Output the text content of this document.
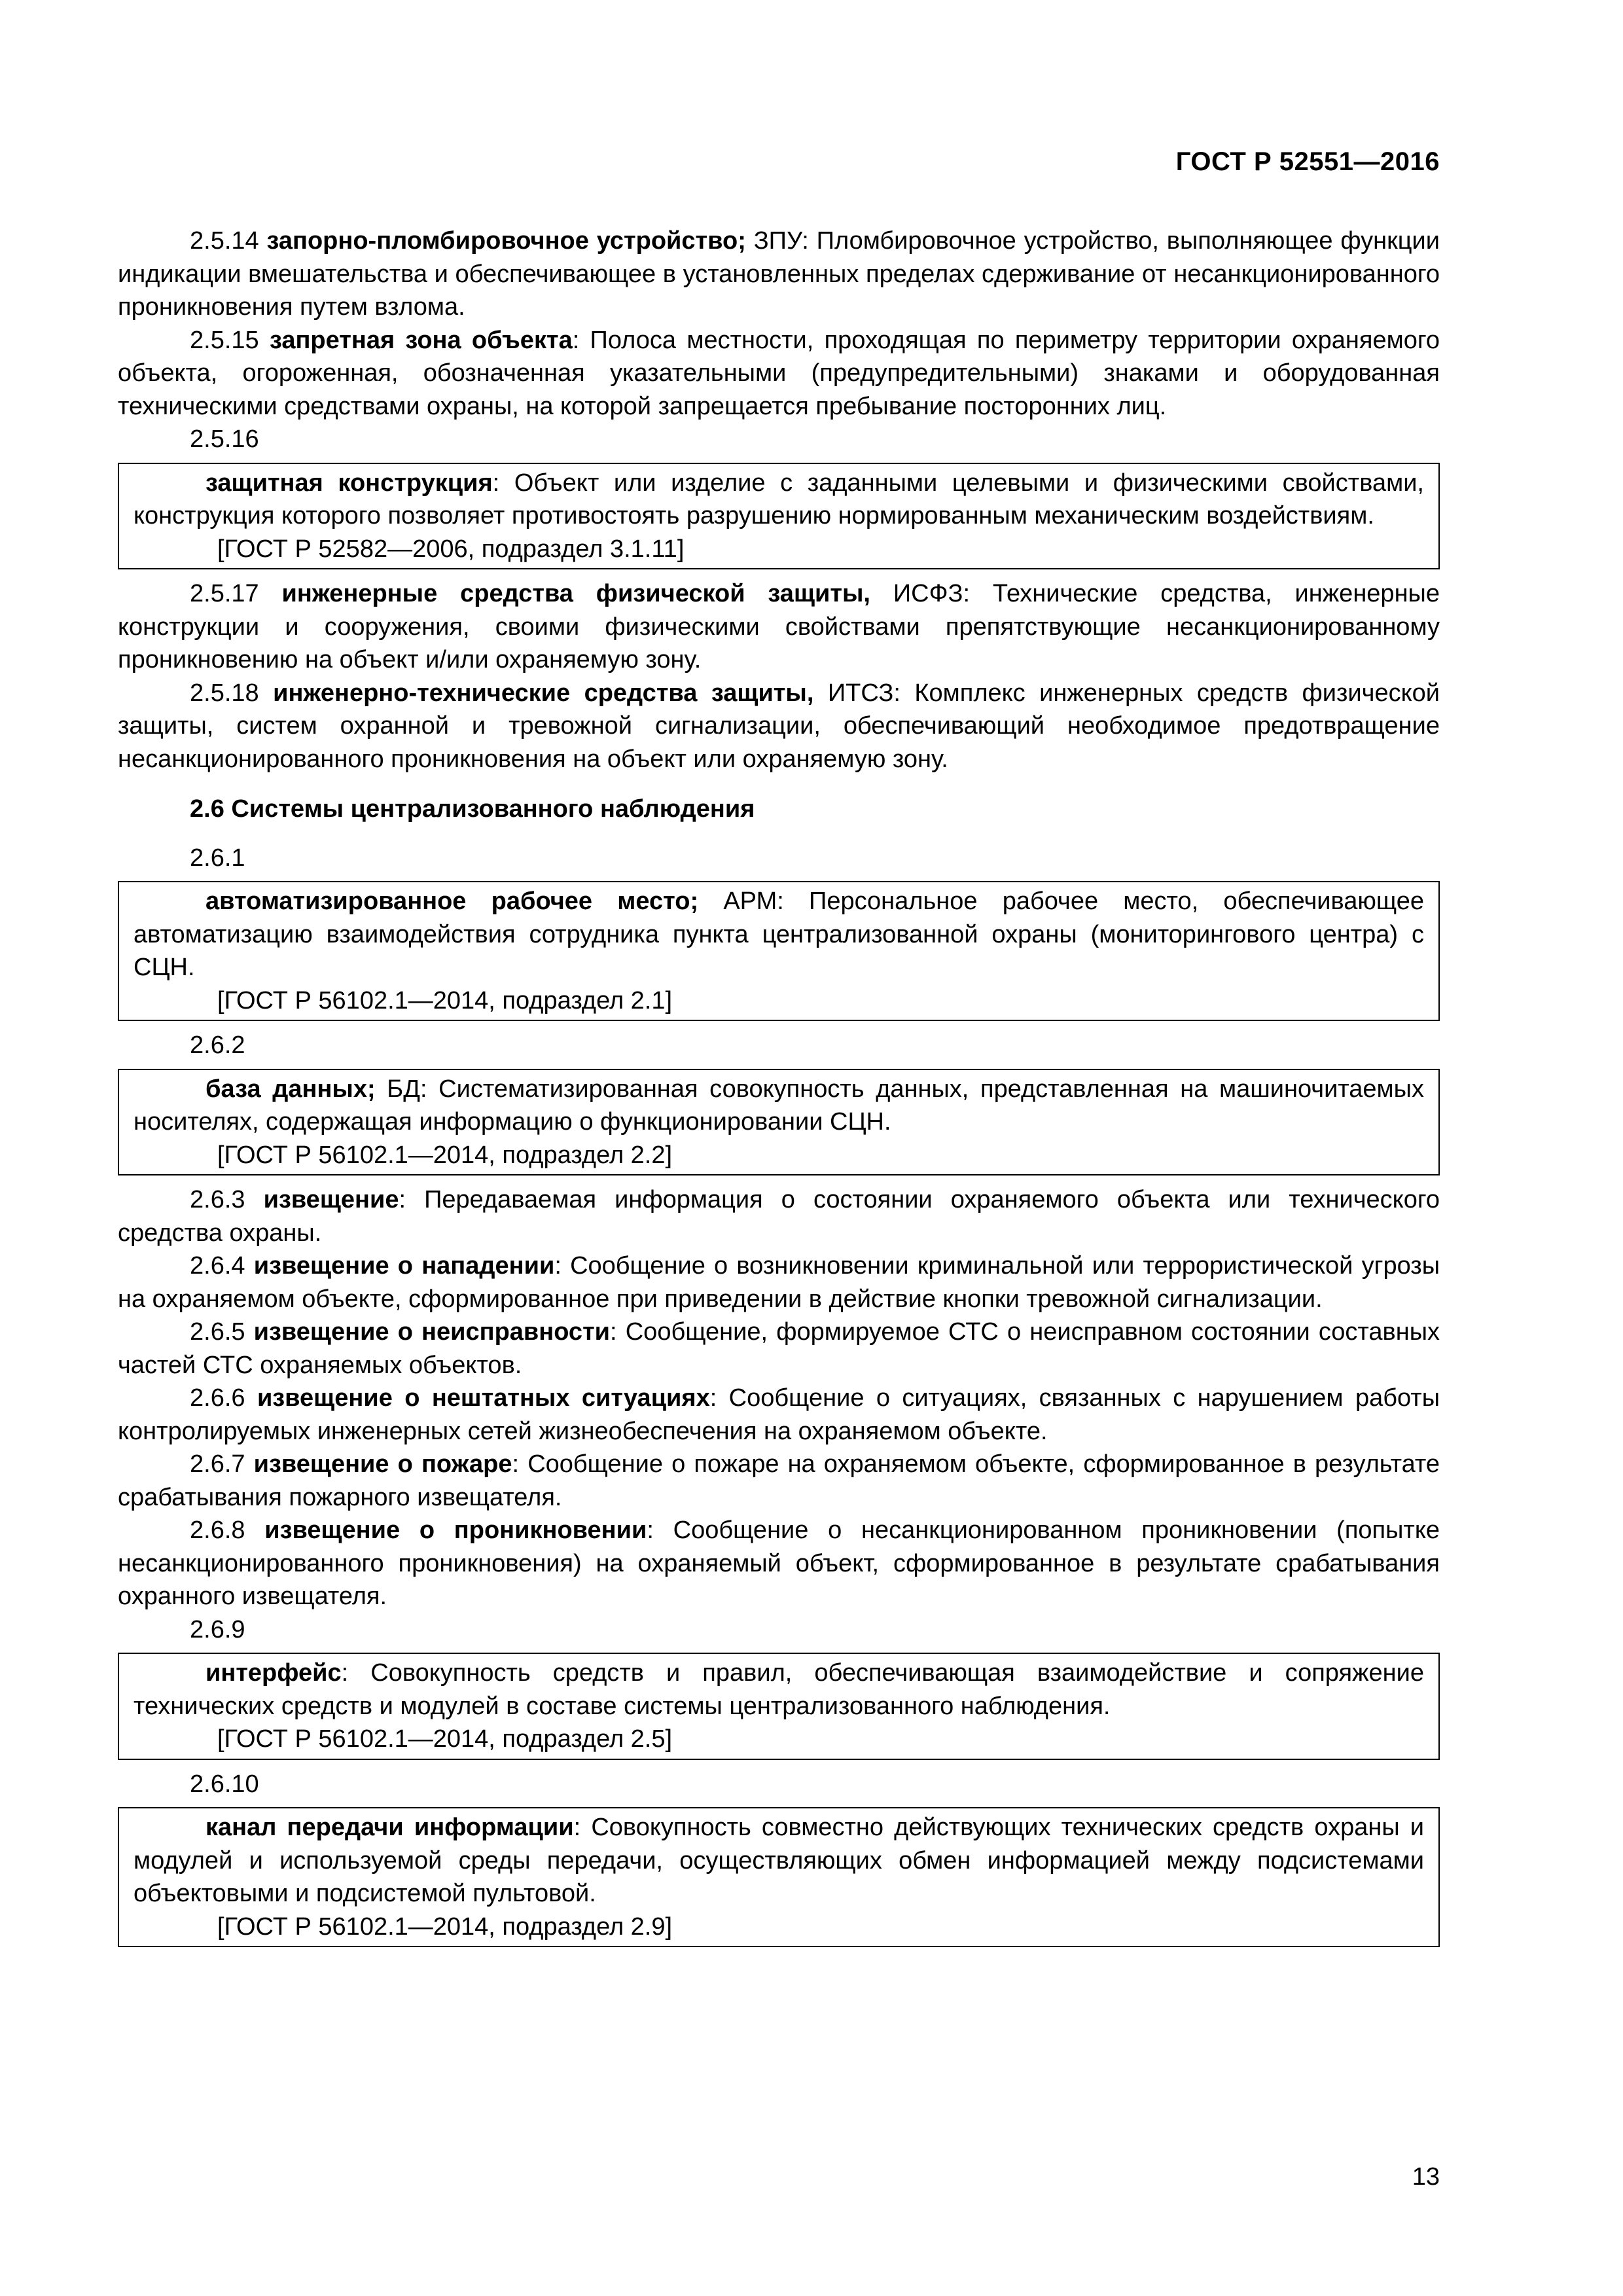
ГОСТ Р 52551—2016

2.5.14 запорно-пломбировочное устройство; ЗПУ: Пломбировочное устройство, выполняющее функции индикации вмешательства и обеспечивающее в установленных пределах сдерживание от несанкционированного проникновения путем взлома.

2.5.15 запретная зона объекта: Полоса местности, проходящая по периметру территории охраняемого объекта, огороженная, обозначенная указательными (предупредительными) знаками и оборудованная техническими средствами охраны, на которой запрещается пребывание посторонних лиц.

2.5.16

защитная конструкция: Объект или изделие с заданными целевыми и физическими свойствами, конструкция которого позволяет противостоять разрушению нормированным механическим воздействиям.

[ГОСТ Р 52582—2006, подраздел 3.1.11]

2.5.17 инженерные средства физической защиты, ИСФЗ: Технические средства, инженерные конструкции и сооружения, своими физическими свойствами препятствующие несанкционированному проникновению на объект и/или охраняемую зону.

2.5.18 инженерно-технические средства защиты, ИТСЗ: Комплекс инженерных средств физической защиты, систем охранной и тревожной сигнализации, обеспечивающий необходимое предотвращение несанкционированного проникновения на объект или охраняемую зону.

2.6 Системы централизованного наблюдения

2.6.1

автоматизированное рабочее место; АРМ: Персональное рабочее место, обеспечивающее автоматизацию взаимодействия сотрудника пункта централизованной охраны (мониторингового центра) с СЦН.

[ГОСТ Р 56102.1—2014, подраздел 2.1]

2.6.2

база данных; БД: Систематизированная совокупность данных, представленная на машиночитаемых носителях, содержащая информацию о функционировании СЦН.

[ГОСТ Р 56102.1—2014, подраздел 2.2]

2.6.3 извещение: Передаваемая информация о состоянии охраняемого объекта или технического средства охраны.

2.6.4 извещение о нападении: Сообщение о возникновении криминальной или террористической угрозы на охраняемом объекте, сформированное при приведении в действие кнопки тревожной сигнализации.

2.6.5 извещение о неисправности: Сообщение, формируемое СТС о неисправном состоянии составных частей СТС охраняемых объектов.

2.6.6 извещение о нештатных ситуациях: Сообщение о ситуациях, связанных с нарушением работы контролируемых инженерных сетей жизнеобеспечения на охраняемом объекте.

2.6.7 извещение о пожаре: Сообщение о пожаре на охраняемом объекте, сформированное в результате срабатывания пожарного извещателя.

2.6.8 извещение о проникновении: Сообщение о несанкционированном проникновении (попытке несанкционированного проникновения) на охраняемый объект, сформированное в результате срабатывания охранного извещателя.

2.6.9

интерфейс: Совокупность средств и правил, обеспечивающая взаимодействие и сопряжение технических средств и модулей в составе системы централизованного наблюдения.

[ГОСТ Р 56102.1—2014, подраздел 2.5]

2.6.10

канал передачи информации: Совокупность совместно действующих технических средств охраны и модулей и используемой среды передачи, осуществляющих обмен информацией между подсистемами объектовыми и подсистемой пультовой.

[ГОСТ Р 56102.1—2014, подраздел 2.9]

13
